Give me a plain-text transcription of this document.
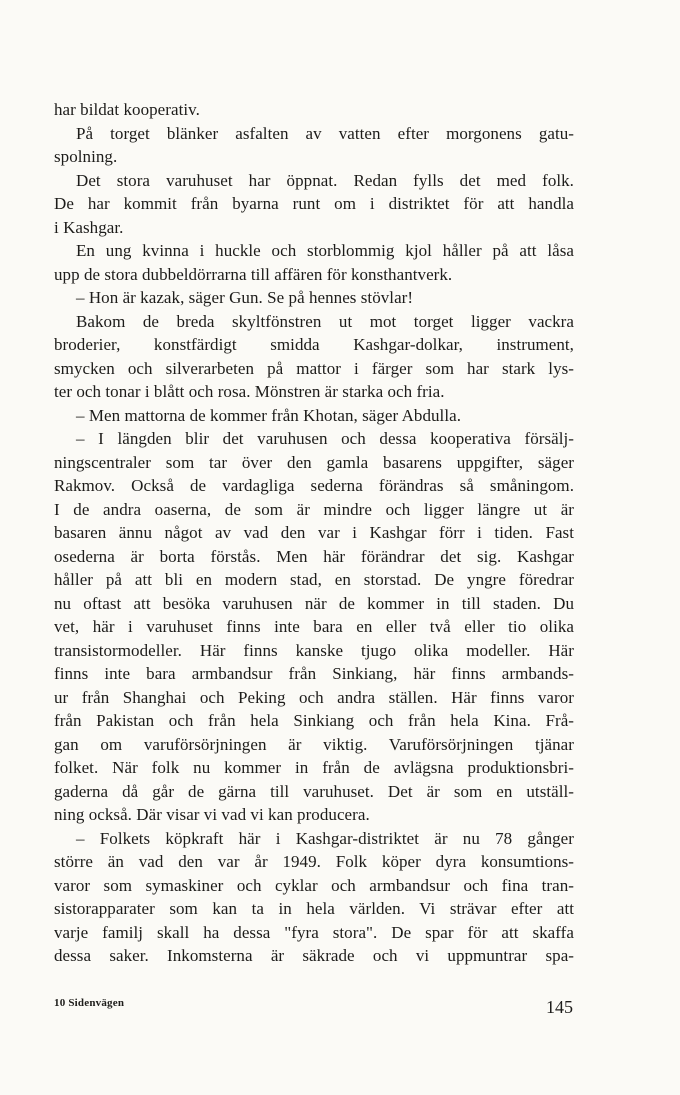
har bildat kooperativ.
På torget blänker asfalten av vatten efter morgonens gatu-
spolning.
Det stora varuhuset har öppnat. Redan fylls det med folk.
De har kommit från byarna runt om i distriktet för att handla
i Kashgar.
En ung kvinna i huckle och storblommig kjol håller på att låsa
upp de stora dubbeldörrarna till affären för konsthantverk.
– Hon är kazak, säger Gun. Se på hennes stövlar!
Bakom de breda skyltfönstren ut mot torget ligger vackra
broderier, konstfärdigt smidda Kashgar-dolkar, instrument,
smycken och silverarbeten på mattor i färger som har stark lys-
ter och tonar i blått och rosa. Mönstren är starka och fria.
– Men mattorna de kommer från Khotan, säger Abdulla.
– I längden blir det varuhusen och dessa kooperativa försälj-
ningscentraler som tar över den gamla basarens uppgifter, säger
Rakmov. Också de vardagliga sederna förändras så småningom.
I de andra oaserna, de som är mindre och ligger längre ut är
basaren ännu något av vad den var i Kashgar förr i tiden. Fast
osederna är borta förstås. Men här förändrar det sig. Kashgar
håller på att bli en modern stad, en storstad. De yngre föredrar
nu oftast att besöka varuhusen när de kommer in till staden. Du
vet, här i varuhuset finns inte bara en eller två eller tio olika
transistormodeller. Här finns kanske tjugo olika modeller. Här
finns inte bara armbandsur från Sinkiang, här finns armbands-
ur från Shanghai och Peking och andra ställen. Här finns varor
från Pakistan och från hela Sinkiang och från hela Kina. Frå-
gan om varuförsörjningen är viktig. Varuförsörjningen tjänar
folket. När folk nu kommer in från de avlägsna produktionsbri-
gaderna då går de gärna till varuhuset. Det är som en utställ-
ning också. Där visar vi vad vi kan producera.
– Folkets köpkraft här i Kashgar-distriktet är nu 78 gånger
större än vad den var år 1949. Folk köper dyra konsumtions-
varor som symaskiner och cyklar och armbandsur och fina tran-
sistorapparater som kan ta in hela världen. Vi strävar efter att
varje familj skall ha dessa "fyra stora". De spar för att skaffa
dessa saker. Inkomsterna är säkrade och vi uppmuntrar spa-
10 Sidenvägen	145
